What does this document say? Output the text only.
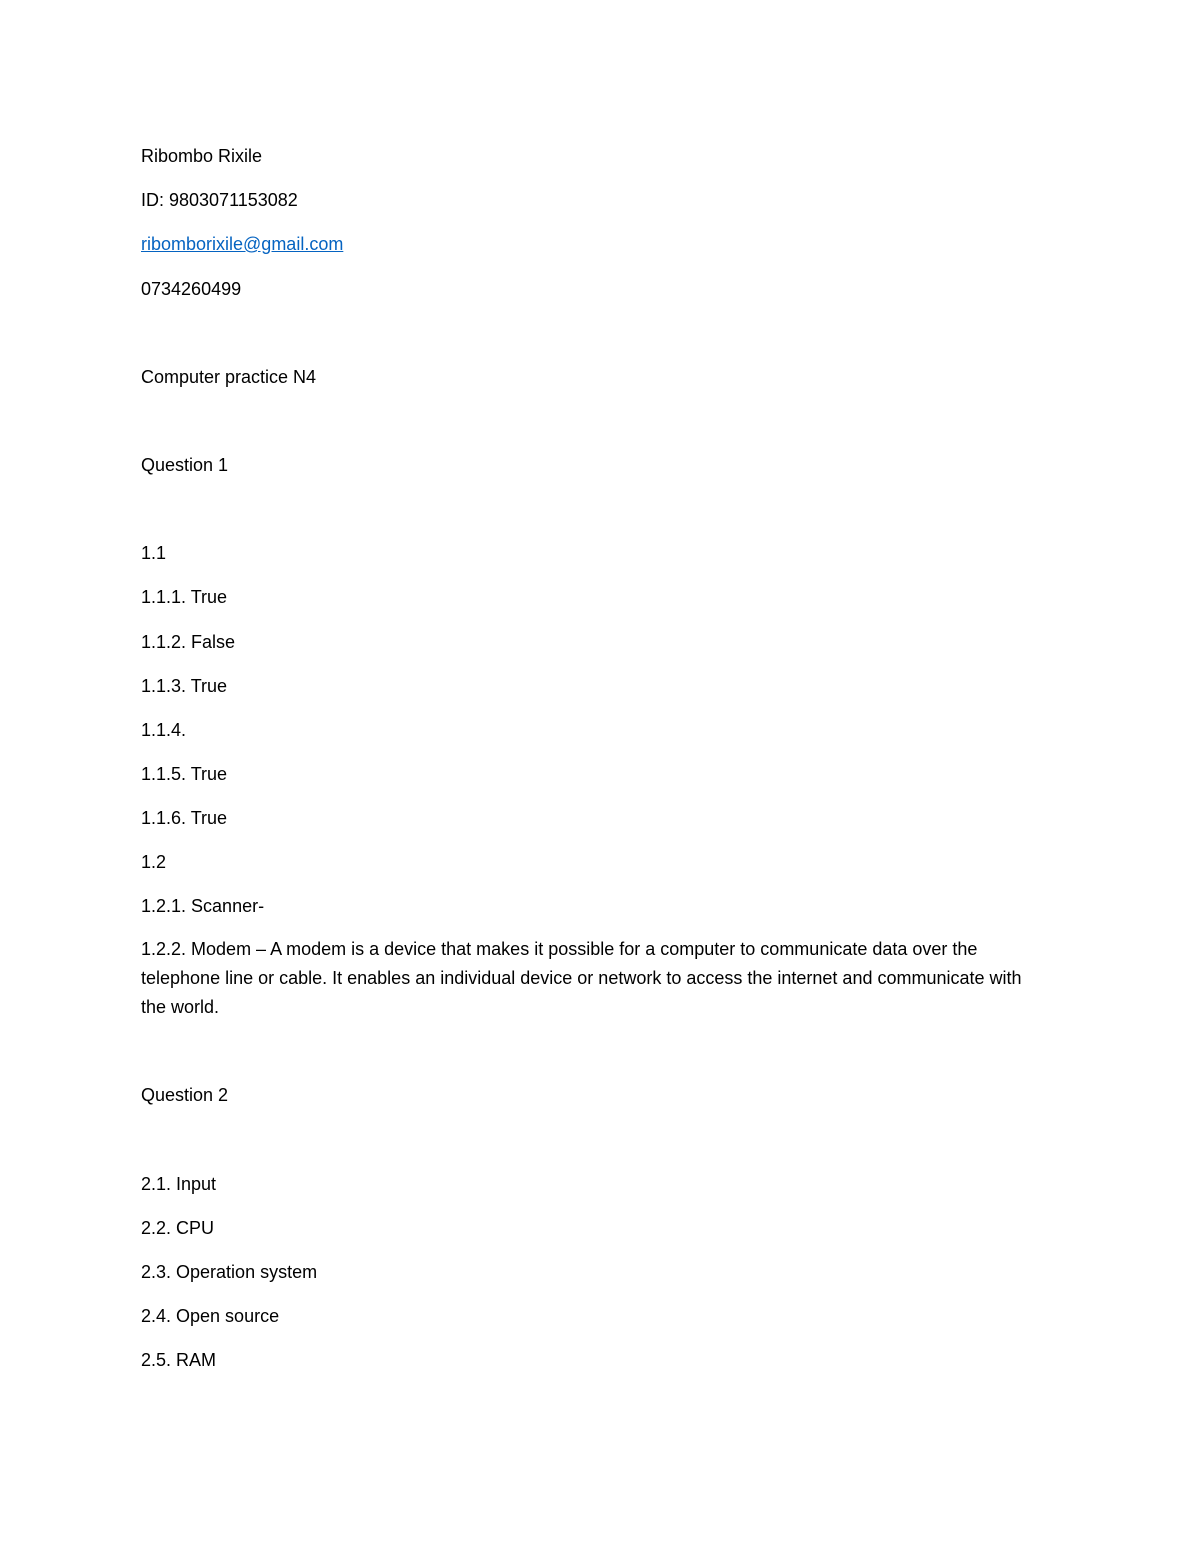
Ribombo Rixile

ID: 9803071153082

ribomborixile@gmail.com

0734260499

Computer practice N4

Question 1

1.1

1.1.1. True

1.1.2. False

1.1.3. True

1.1.4.

1.1.5. True

1.1.6. True

1.2

1.2.1. Scanner-

1.2.2. Modem – A modem is a device that makes it possible for a computer to communicate data over the telephone line or cable. It enables an individual device or network to access the internet and communicate with the world.

Question 2

2.1. Input

2.2. CPU

2.3. Operation system

2.4. Open source

2.5. RAM
